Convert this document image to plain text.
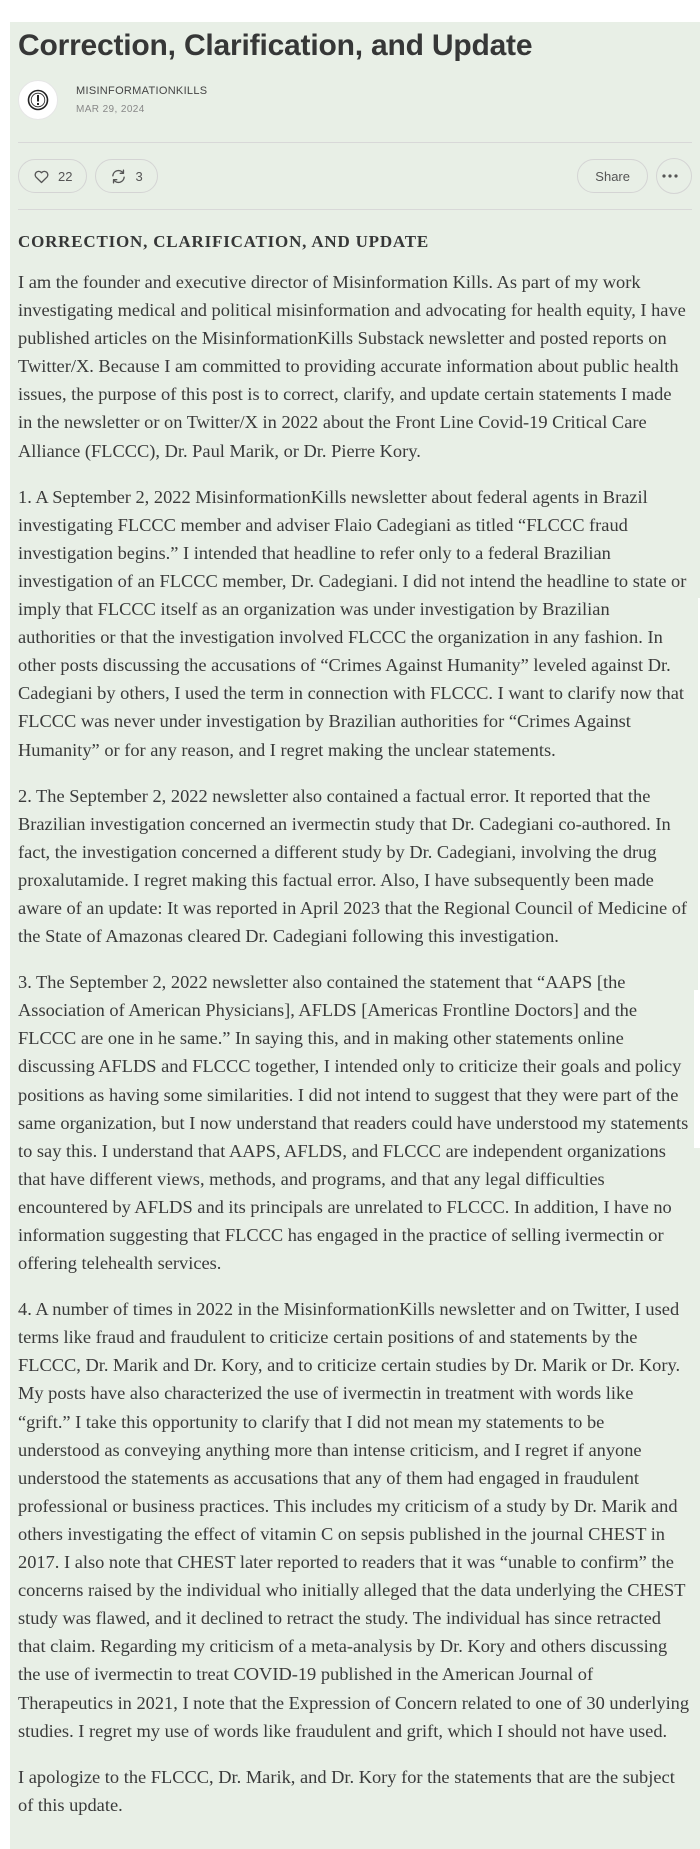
Correction, Clarification, and Update
MISINFORMATIONKILLS
MAR 29, 2024
22	3	Share
CORRECTION, CLARIFICATION, AND UPDATE

I am the founder and executive director of Misinformation Kills. As part of my work investigating medical and political misinformation and advocating for health equity, I have published articles on the MisinformationKills Substack newsletter and posted reports on Twitter/X. Because I am committed to providing accurate information about public health issues, the purpose of this post is to correct, clarify, and update certain statements I made in the newsletter or on Twitter/X in 2022 about the Front Line Covid-19 Critical Care Alliance (FLCCC), Dr. Paul Marik, or Dr. Pierre Kory.

1. A September 2, 2022 MisinformationKills newsletter about federal agents in Brazil investigating FLCCC member and adviser Flaio Cadegiani as titled “FLCCC fraud investigation begins.” I intended that headline to refer only to a federal Brazilian investigation of an FLCCC member, Dr. Cadegiani. I did not intend the headline to state or imply that FLCCC itself as an organization was under investigation by Brazilian authorities or that the investigation involved FLCCC the organization in any fashion. In other posts discussing the accusations of “Crimes Against Humanity” leveled against Dr. Cadegiani by others, I used the term in connection with FLCCC. I want to clarify now that FLCCC was never under investigation by Brazilian authorities for “Crimes Against Humanity” or for any reason, and I regret making the unclear statements.

2. The September 2, 2022 newsletter also contained a factual error. It reported that the Brazilian investigation concerned an ivermectin study that Dr. Cadegiani co-authored. In fact, the investigation concerned a different study by Dr. Cadegiani, involving the drug proxalutamide. I regret making this factual error. Also, I have subsequently been made aware of an update: It was reported in April 2023 that the Regional Council of Medicine of the State of Amazonas cleared Dr. Cadegiani following this investigation.

3. The September 2, 2022 newsletter also contained the statement that “AAPS [the Association of American Physicians], AFLDS [Americas Frontline Doctors] and the FLCCC are one in he same.” In saying this, and in making other statements online discussing AFLDS and FLCCC together, I intended only to criticize their goals and policy positions as having some similarities. I did not intend to suggest that they were part of the same organization, but I now understand that readers could have understood my statements to say this. I understand that AAPS, AFLDS, and FLCCC are independent organizations that have different views, methods, and programs, and that any legal difficulties encountered by AFLDS and its principals are unrelated to FLCCC. In addition, I have no information suggesting that FLCCC has engaged in the practice of selling ivermectin or offering telehealth services.

4. A number of times in 2022 in the MisinformationKills newsletter and on Twitter, I used terms like fraud and fraudulent to criticize certain positions of and statements by the FLCCC, Dr. Marik and Dr. Kory, and to criticize certain studies by Dr. Marik or Dr. Kory. My posts have also characterized the use of ivermectin in treatment with words like “grift.” I take this opportunity to clarify that I did not mean my statements to be understood as conveying anything more than intense criticism, and I regret if anyone understood the statements as accusations that any of them had engaged in fraudulent professional or business practices. This includes my criticism of a study by Dr. Marik and others investigating the effect of vitamin C on sepsis published in the journal CHEST in 2017. I also note that CHEST later reported to readers that it was “unable to confirm” the concerns raised by the individual who initially alleged that the data underlying the CHEST study was flawed, and it declined to retract the study. The individual has since retracted that claim. Regarding my criticism of a meta-analysis by Dr. Kory and others discussing the use of ivermectin to treat COVID-19 published in the American Journal of Therapeutics in 2021, I note that the Expression of Concern related to one of 30 underlying studies. I regret my use of words like fraudulent and grift, which I should not have used.

I apologize to the FLCCC, Dr. Marik, and Dr. Kory for the statements that are the subject of this update.
